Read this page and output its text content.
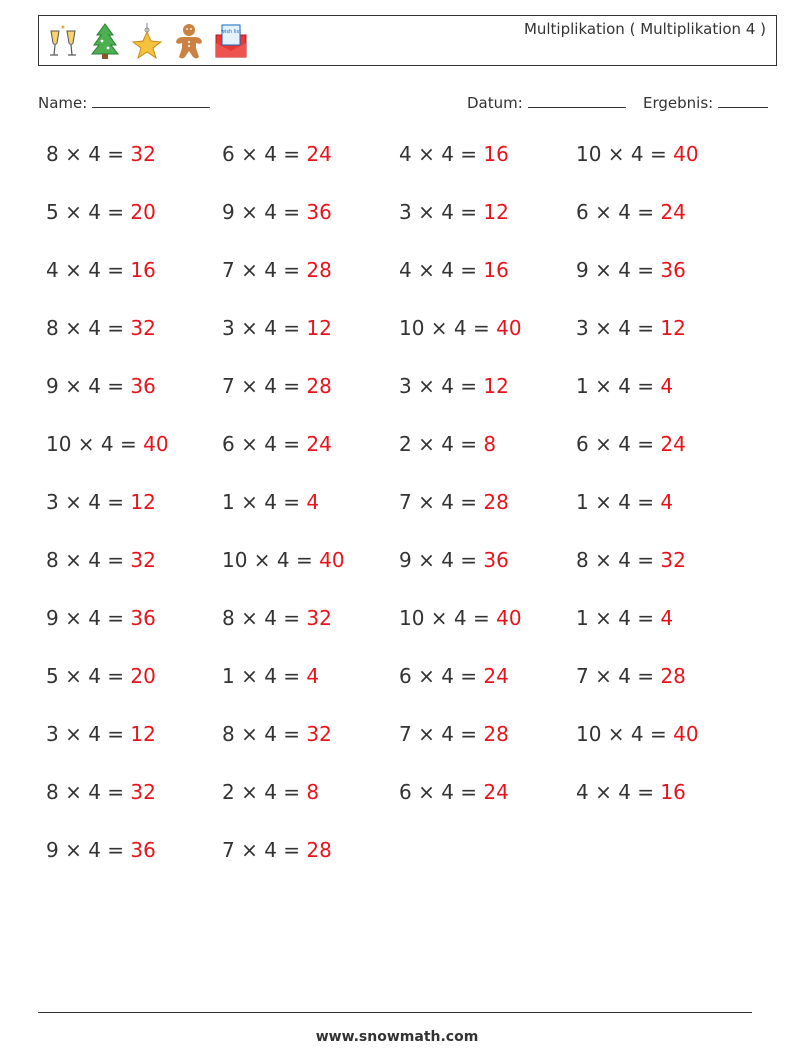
wish list	Multiplikation ( Multiplikation 4 )
Name:	Datum:	Ergebnis:
8 × 4 = 32	6 × 4 = 24	4 × 4 = 16	10 × 4 = 40
5 × 4 = 20	9 × 4 = 36	3 × 4 = 12	6 × 4 = 24
4 × 4 = 16	7 × 4 = 28	4 × 4 = 16	9 × 4 = 36
8 × 4 = 32	3 × 4 = 12	10 × 4 = 40	3 × 4 = 12
9 × 4 = 36	7 × 4 = 28	3 × 4 = 12	1 × 4 = 4
10 × 4 = 40	6 × 4 = 24	2 × 4 = 8	6 × 4 = 24
3 × 4 = 12	1 × 4 = 4	7 × 4 = 28	1 × 4 = 4
8 × 4 = 32	10 × 4 = 40	9 × 4 = 36	8 × 4 = 32
9 × 4 = 36	8 × 4 = 32	10 × 4 = 40	1 × 4 = 4
5 × 4 = 20	1 × 4 = 4	6 × 4 = 24	7 × 4 = 28
3 × 4 = 12	8 × 4 = 32	7 × 4 = 28	10 × 4 = 40
8 × 4 = 32	2 × 4 = 8	6 × 4 = 24	4 × 4 = 16
9 × 4 = 36	7 × 4 = 28
www.snowmath.com
